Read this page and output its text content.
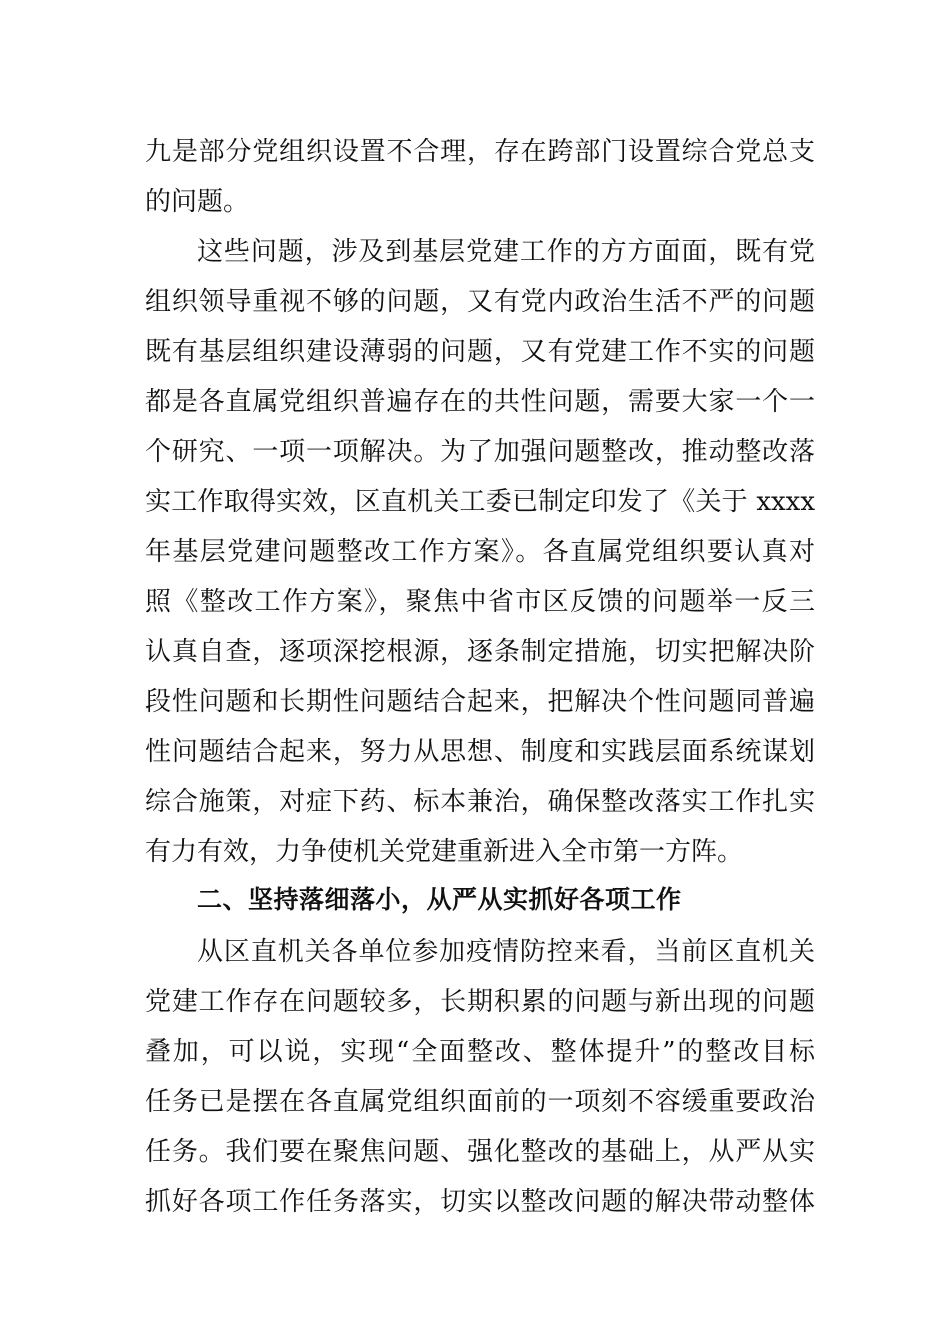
九是部分党组织设置不合理，存在跨部门设置综合党总支
的问题。
这些问题，涉及到基层党建工作的方方面面，既有党
组织领导重视不够的问题，又有党内政治生活不严的问题
既有基层组织建设薄弱的问题，又有党建工作不实的问题
都是各直属党组织普遍存在的共性问题，需要大家一个一
个研究、一项一项解决。为了加强问题整改，推动整改落
实工作取得实效，区直机关工委已制定印发了《关于 xxxx
年基层党建问题整改工作方案》。各直属党组织要认真对
照《整改工作方案》，聚焦中省市区反馈的问题举一反三
认真自查，逐项深挖根源，逐条制定措施，切实把解决阶
段性问题和长期性问题结合起来，把解决个性问题同普遍
性问题结合起来，努力从思想、制度和实践层面系统谋划
综合施策，对症下药、标本兼治，确保整改落实工作扎实
有力有效，力争使机关党建重新进入全市第一方阵。
二、坚持落细落小，从严从实抓好各项工作
从区直机关各单位参加疫情防控来看，当前区直机关
党建工作存在问题较多，长期积累的问题与新出现的问题
叠加，可以说，实现“全面整改、整体提升”的整改目标
任务已是摆在各直属党组织面前的一项刻不容缓重要政治
任务。我们要在聚焦问题、强化整改的基础上，从严从实
抓好各项工作任务落实，切实以整改问题的解决带动整体
